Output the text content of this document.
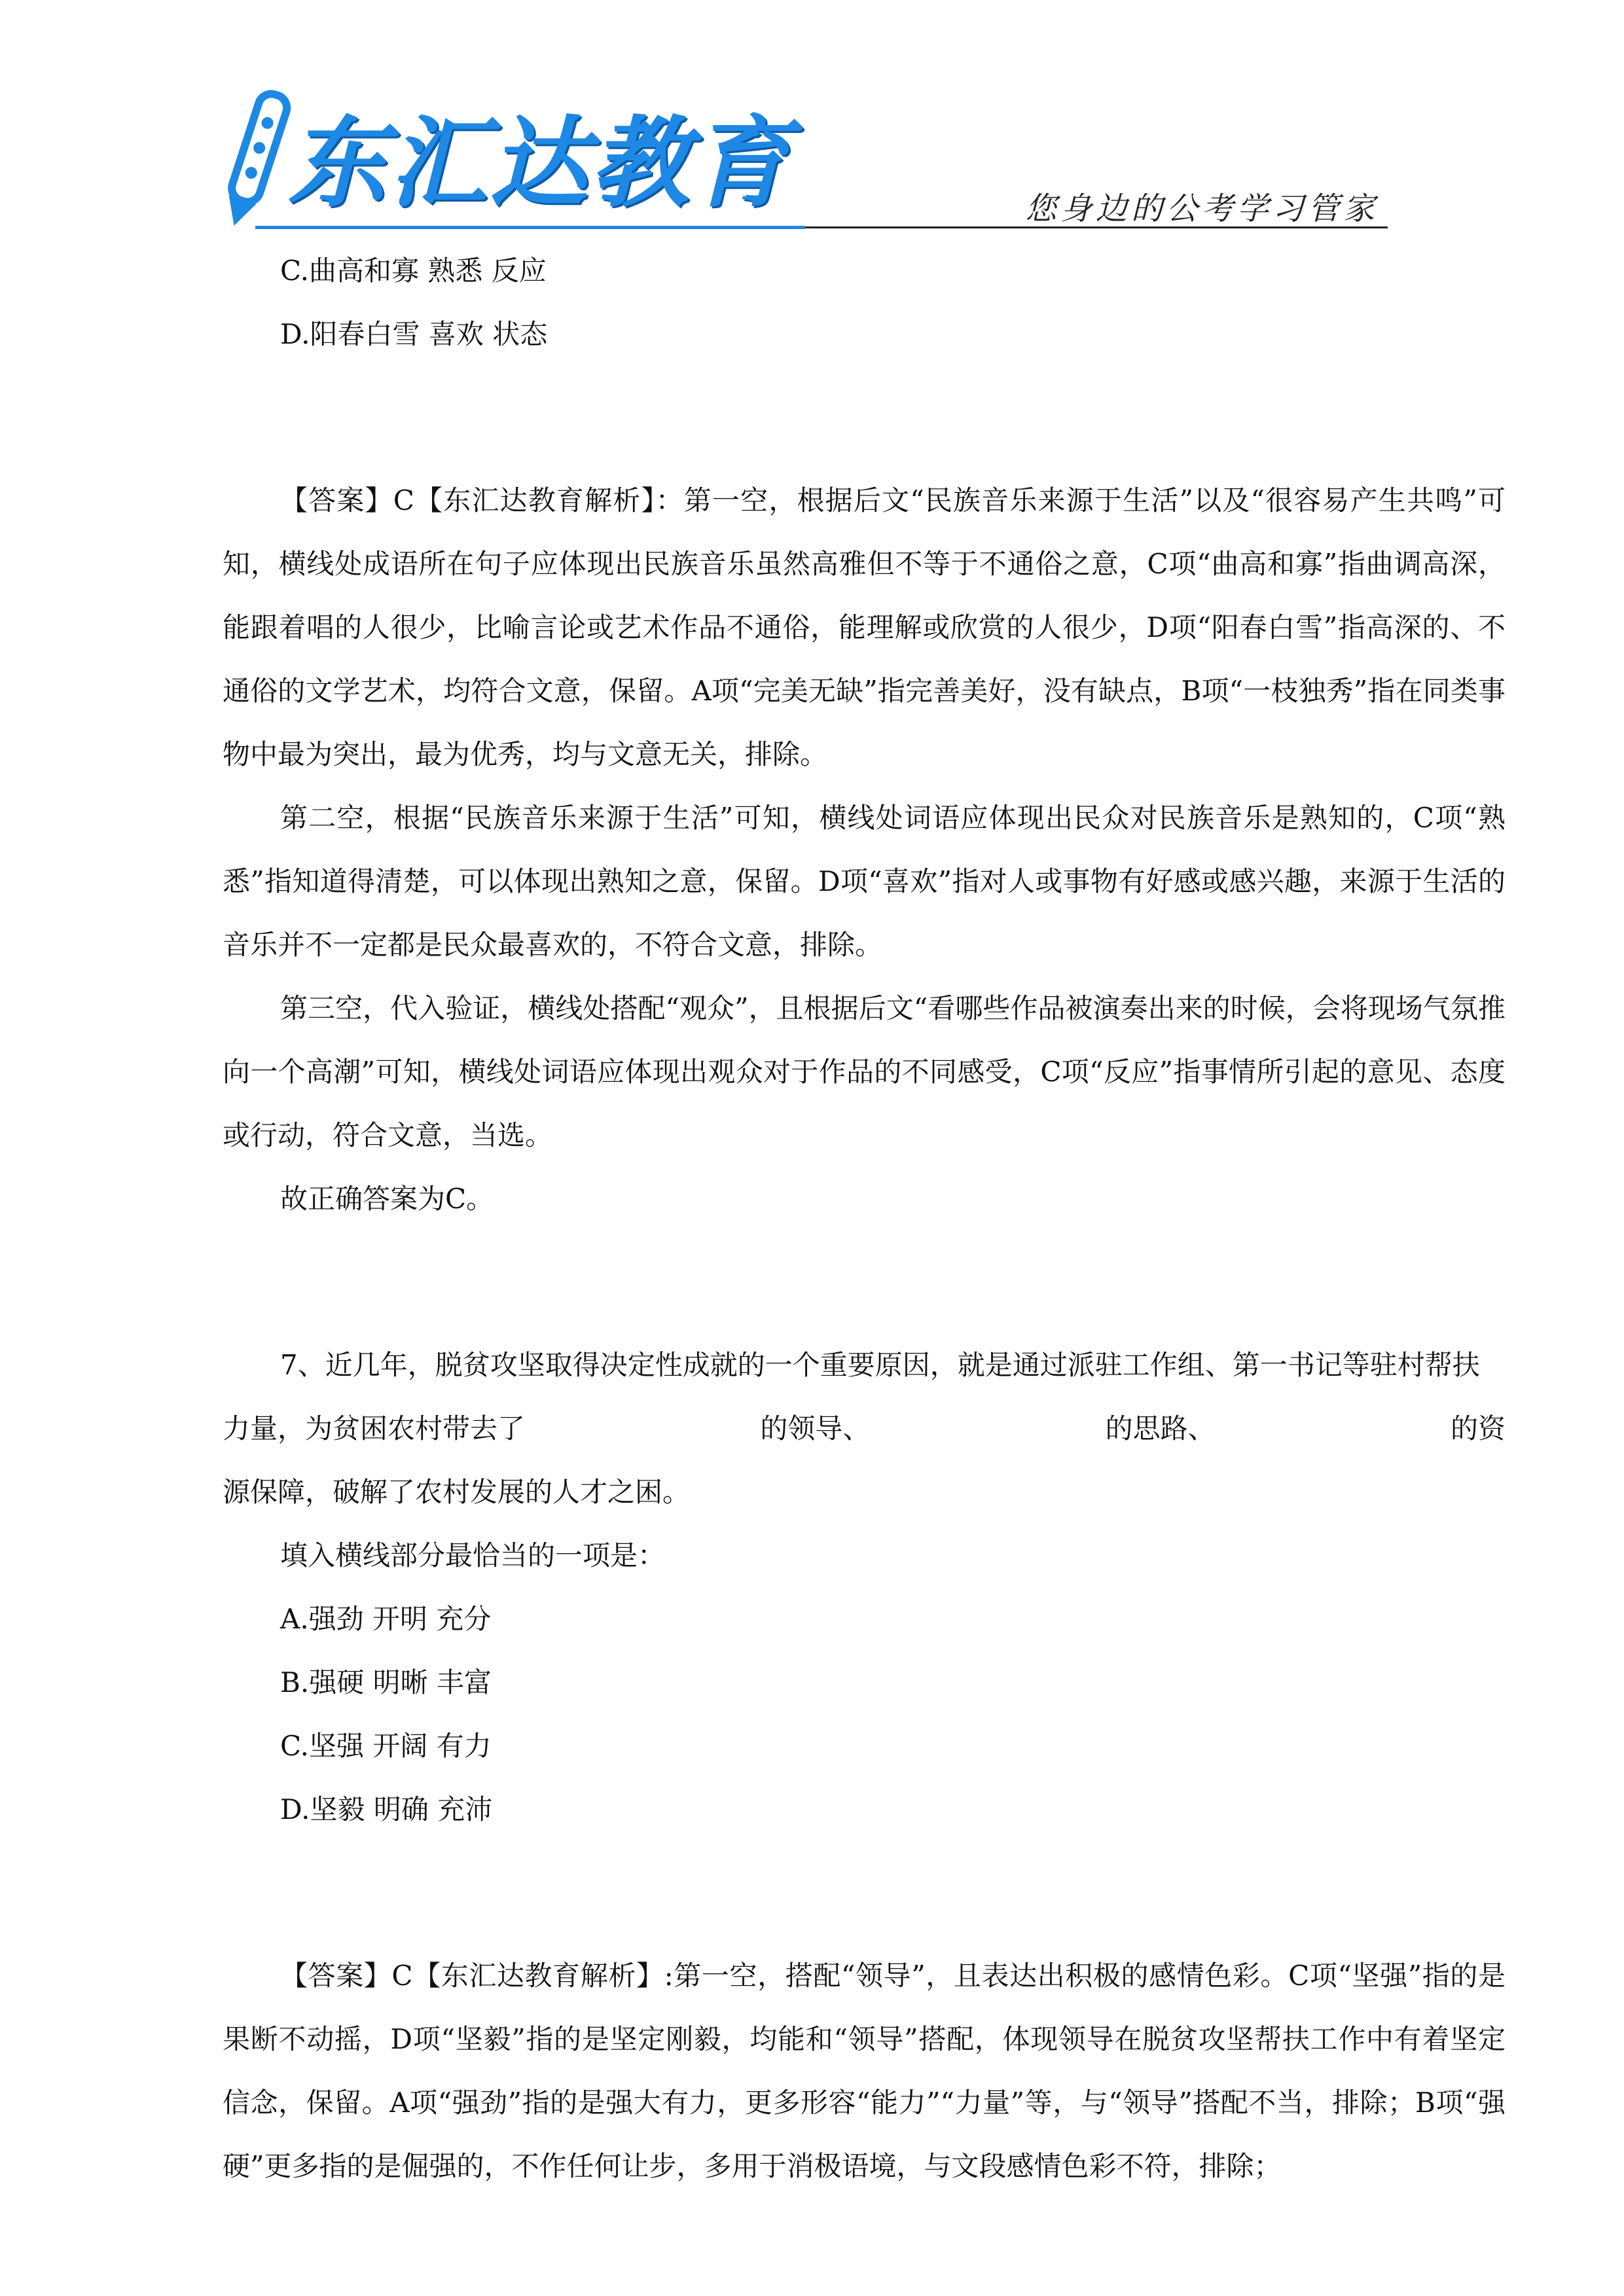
东汇达教育	您身边的公考学习管家

C.曲高和寡 熟悉 反应

D.阳春白雪 喜欢 状态

【答案】C【东汇达教育解析】：第一空，根据后文“民族音乐来源于生活”以及“很容易产生共鸣”可知，横线处成语所在句子应体现出民族音乐虽然高雅但不等于不通俗之意，C项“曲高和寡”指曲调高深，能跟着唱的人很少，比喻言论或艺术作品不通俗，能理解或欣赏的人很少，D项“阳春白雪”指高深的、不通俗的文学艺术，均符合文意，保留。A项“完美无缺”指完善美好，没有缺点，B项“一枝独秀”指在同类事物中最为突出，最为优秀，均与文意无关，排除。

第二空，根据“民族音乐来源于生活”可知，横线处词语应体现出民众对民族音乐是熟知的，C项“熟悉”指知道得清楚，可以体现出熟知之意，保留。D项“喜欢”指对人或事物有好感或感兴趣，来源于生活的音乐并不一定都是民众最喜欢的，不符合文意，排除。

第三空，代入验证，横线处搭配“观众”，且根据后文“看哪些作品被演奏出来的时候，会将现场气氛推向一个高潮”可知，横线处词语应体现出观众对于作品的不同感受，C项“反应”指事情所引起的意见、态度或行动，符合文意，当选。

故正确答案为C。

7、近几年，脱贫攻坚取得决定性成就的一个重要原因，就是通过派驻工作组、第一书记等驻村帮扶

力量，为贫困农村带去了	的领导、	的思路、	的资

源保障，破解了农村发展的人才之困。

填入横线部分最恰当的一项是：

A.强劲 开明 充分

B.强硬 明晰 丰富

C.坚强 开阔 有力

D.坚毅 明确 充沛

【答案】C【东汇达教育解析】:第一空，搭配“领导”，且表达出积极的感情色彩。C项“坚强”指的是果断不动摇，D项“坚毅”指的是坚定刚毅，均能和“领导”搭配，体现领导在脱贫攻坚帮扶工作中有着坚定信念，保留。A项“强劲”指的是强大有力，更多形容“能力”“力量”等，与“领导”搭配不当，排除；B项“强硬”更多指的是倔强的，不作任何让步，多用于消极语境，与文段感情色彩不符，排除；
